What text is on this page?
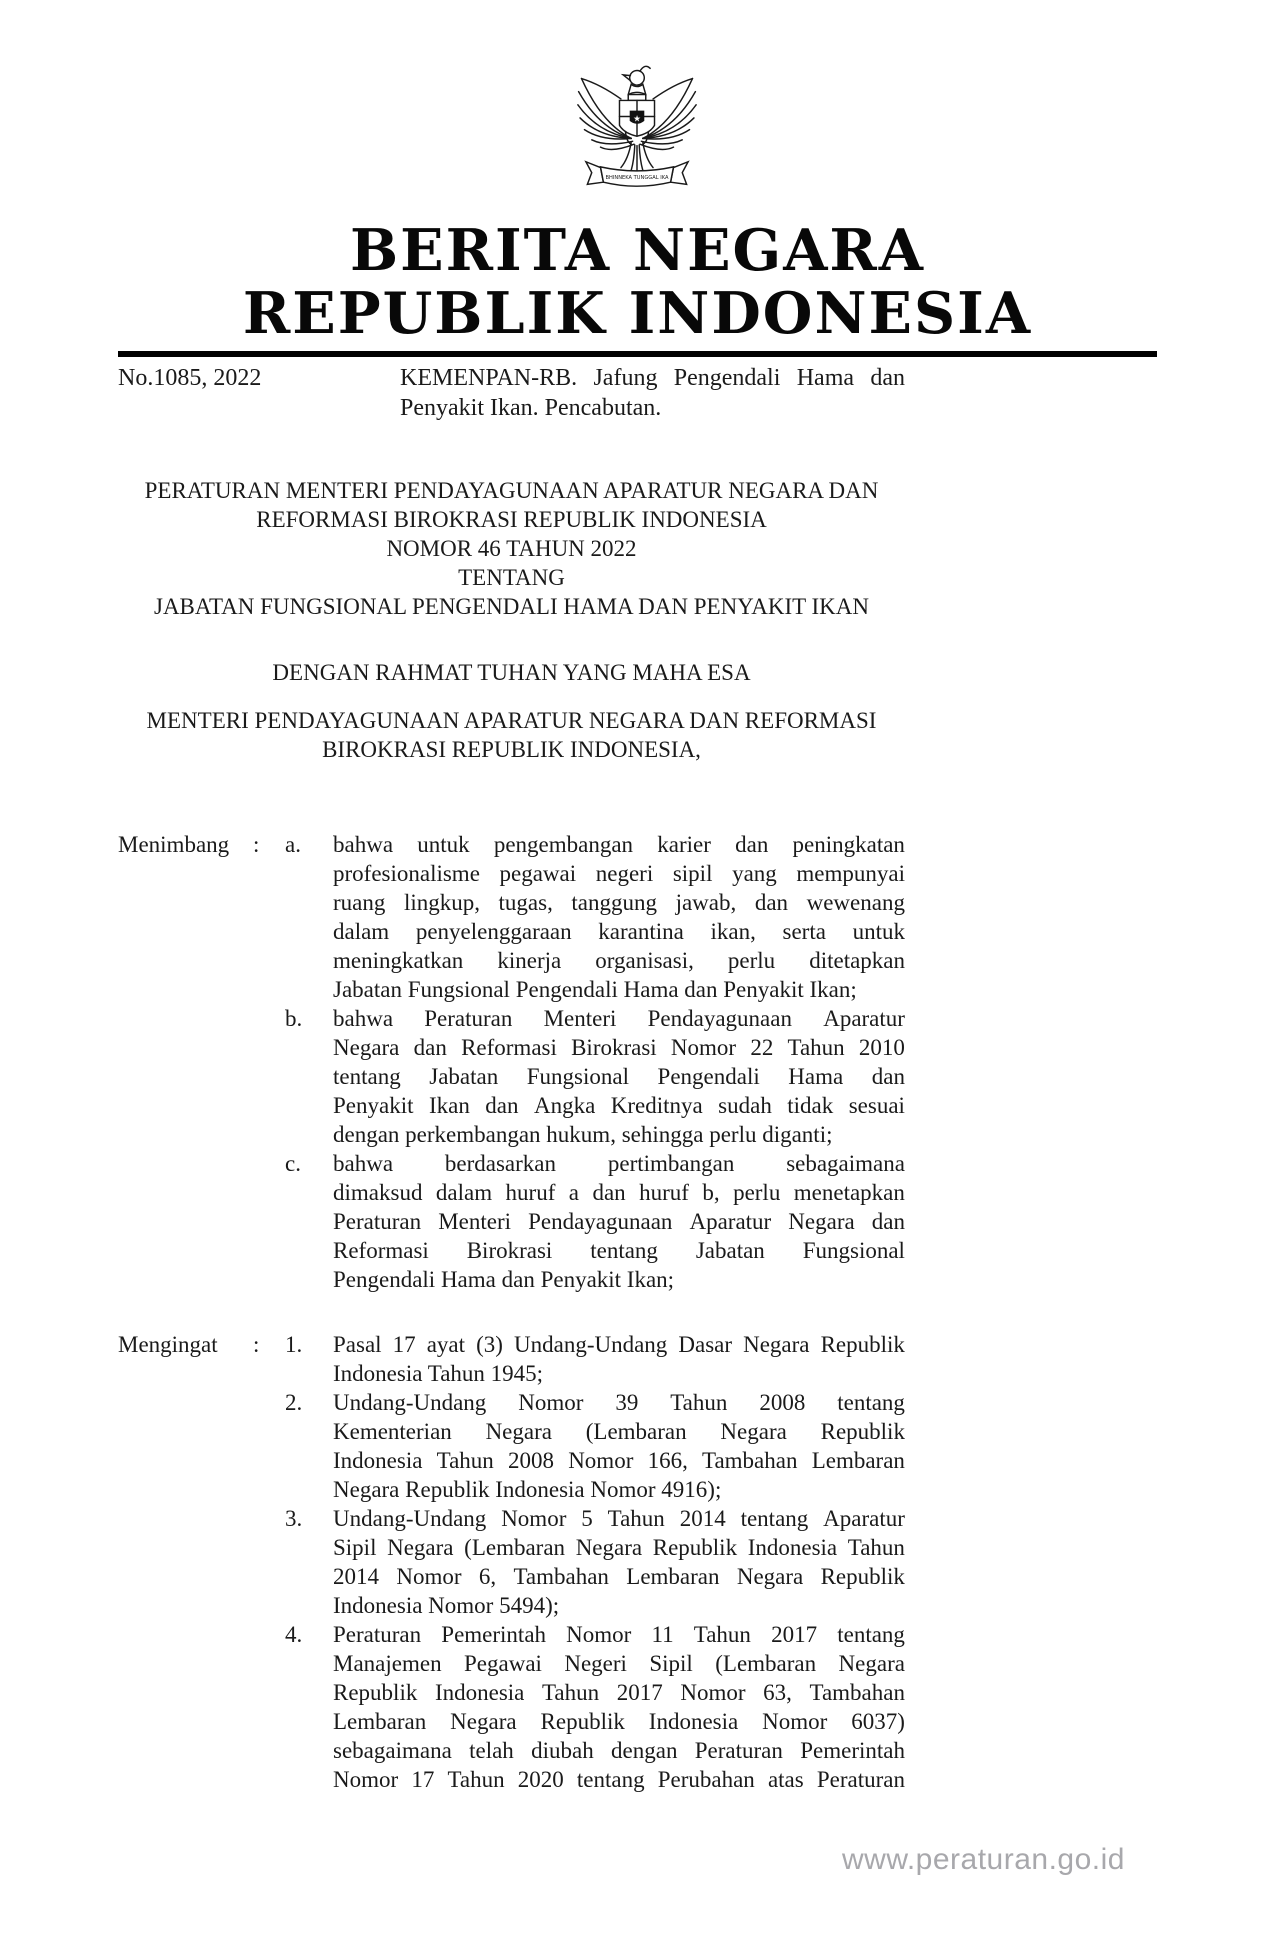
★
BHINNEKA TUNGGAL IKA
BERITA NEGARA
REPUBLIK INDONESIA
No.1085, 2022	KEMENPAN-RB. Jafung Pengendali Hama dan
Penyakit Ikan. Pencabutan.
PERATURAN MENTERI PENDAYAGUNAAN APARATUR NEGARA DAN
REFORMASI BIROKRASI REPUBLIK INDONESIA
NOMOR 46 TAHUN 2022
TENTANG
JABATAN FUNGSIONAL PENGENDALI HAMA DAN PENYAKIT IKAN
DENGAN RAHMAT TUHAN YANG MAHA ESA
MENTERI PENDAYAGUNAAN APARATUR NEGARA DAN REFORMASI
BIROKRASI REPUBLIK INDONESIA,
Menimbang	:	a.	bahwa untuk pengembangan karier dan peningkatan
profesionalisme pegawai negeri sipil yang mempunyai
ruang lingkup, tugas, tanggung jawab, dan wewenang
dalam penyelenggaraan karantina ikan, serta untuk
meningkatkan kinerja organisasi, perlu ditetapkan
Jabatan Fungsional Pengendali Hama dan Penyakit Ikan;
b.	bahwa Peraturan Menteri Pendayagunaan Aparatur
Negara dan Reformasi Birokrasi Nomor 22 Tahun 2010
tentang Jabatan Fungsional Pengendali Hama dan
Penyakit Ikan dan Angka Kreditnya sudah tidak sesuai
dengan perkembangan hukum, sehingga perlu diganti;
c.	bahwa berdasarkan pertimbangan sebagaimana
dimaksud dalam huruf a dan huruf b, perlu menetapkan
Peraturan Menteri Pendayagunaan Aparatur Negara dan
Reformasi Birokrasi tentang Jabatan Fungsional
Pengendali Hama dan Penyakit Ikan;
Mengingat	:	1.	Pasal 17 ayat (3) Undang-Undang Dasar Negara Republik
Indonesia Tahun 1945;
2.	Undang-Undang Nomor 39 Tahun 2008 tentang
Kementerian Negara (Lembaran Negara Republik
Indonesia Tahun 2008 Nomor 166, Tambahan Lembaran
Negara Republik Indonesia Nomor 4916);
3.	Undang-Undang Nomor 5 Tahun 2014 tentang Aparatur
Sipil Negara (Lembaran Negara Republik Indonesia Tahun
2014 Nomor 6, Tambahan Lembaran Negara Republik
Indonesia Nomor 5494);
4.	Peraturan Pemerintah Nomor 11 Tahun 2017 tentang
Manajemen Pegawai Negeri Sipil (Lembaran Negara
Republik Indonesia Tahun 2017 Nomor 63, Tambahan
Lembaran Negara Republik Indonesia Nomor 6037)
sebagaimana telah diubah dengan Peraturan Pemerintah
Nomor 17 Tahun 2020 tentang Perubahan atas Peraturan
www.peraturan.go.id
